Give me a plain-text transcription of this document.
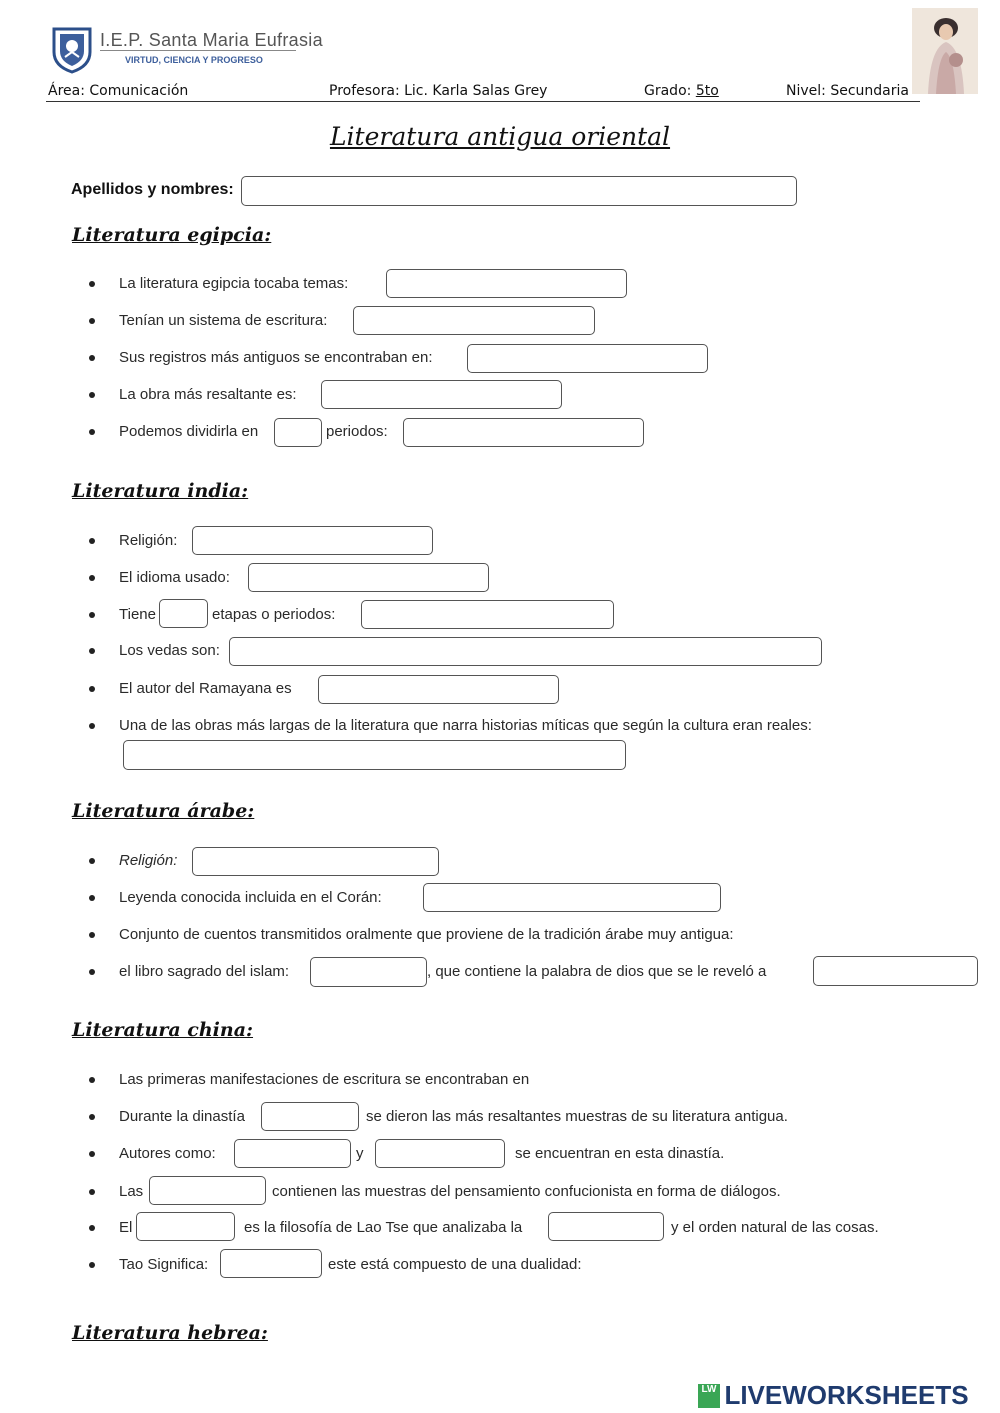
I.E.P. Santa Maria Eufrasia
VIRTUD, CIENCIA Y PROGRESO
Área: Comunicación	Profesora: Lic. Karla Salas Grey	Grado: 5to	Nivel: Secundaria
Literatura antigua oriental
Apellidos y nombres:
Literatura egipcia:
La literatura egipcia tocaba temas:
Tenían un sistema de escritura:
Sus registros más antiguos se encontraban en:
La obra más resaltante es:
Podemos dividirla en	periodos:
Literatura india:
Religión:
El idioma usado:
Tiene	etapas o periodos:
Los vedas son:
El autor del Ramayana es
Una de las obras más largas de la literatura que narra historias míticas que según la cultura eran reales:
Literatura árabe:
Religión:
Leyenda conocida incluida en el Corán:
Conjunto de cuentos transmitidos oralmente que proviene de la tradición árabe muy antigua:
el libro sagrado del islam:	, que contiene la palabra de dios que se le reveló a
Literatura china:
Las primeras manifestaciones de escritura se encontraban en
Durante la dinastía	se dieron las más resaltantes muestras de su literatura antigua.
Autores como:	y	se encuentran en esta dinastía.
Las	contienen las muestras del pensamiento confucionista en forma de diálogos.
El	es la filosofía de Lao Tse que analizaba la	y el orden natural de las cosas.
Tao Significa:	este está compuesto de una dualidad:
Literatura hebrea:
LW LIVEWORKSHEETS
